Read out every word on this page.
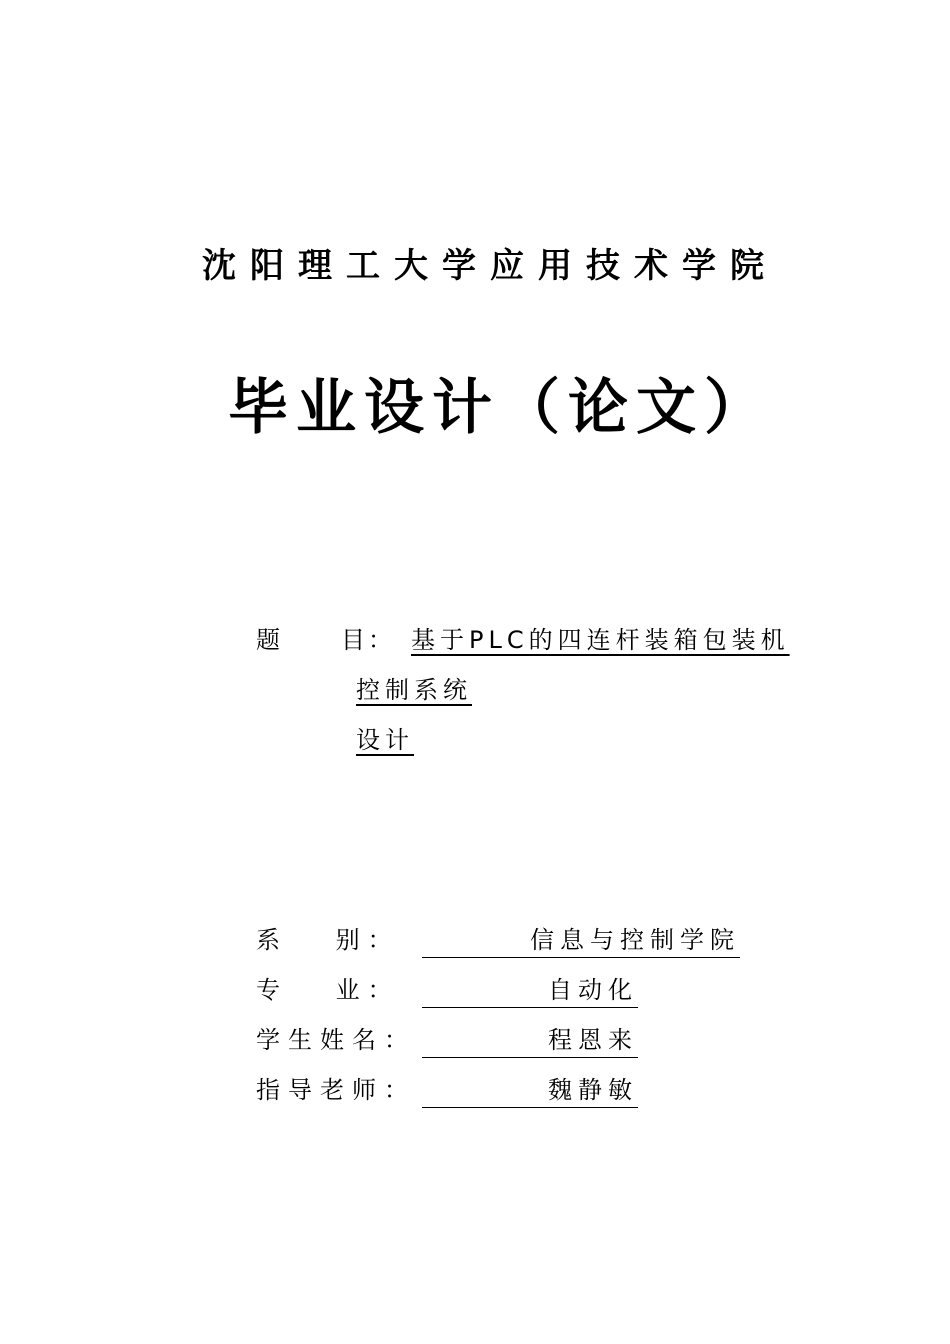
沈阳理工大学应用技术学院
毕业设计（论文）
题 目： 基于PLC的四连杆装箱包装机
控制系统
设计
系 　别：	信息与控制学院
专 　业：	自动化
学生姓名：	程恩来
指导老师：	魏静敏
